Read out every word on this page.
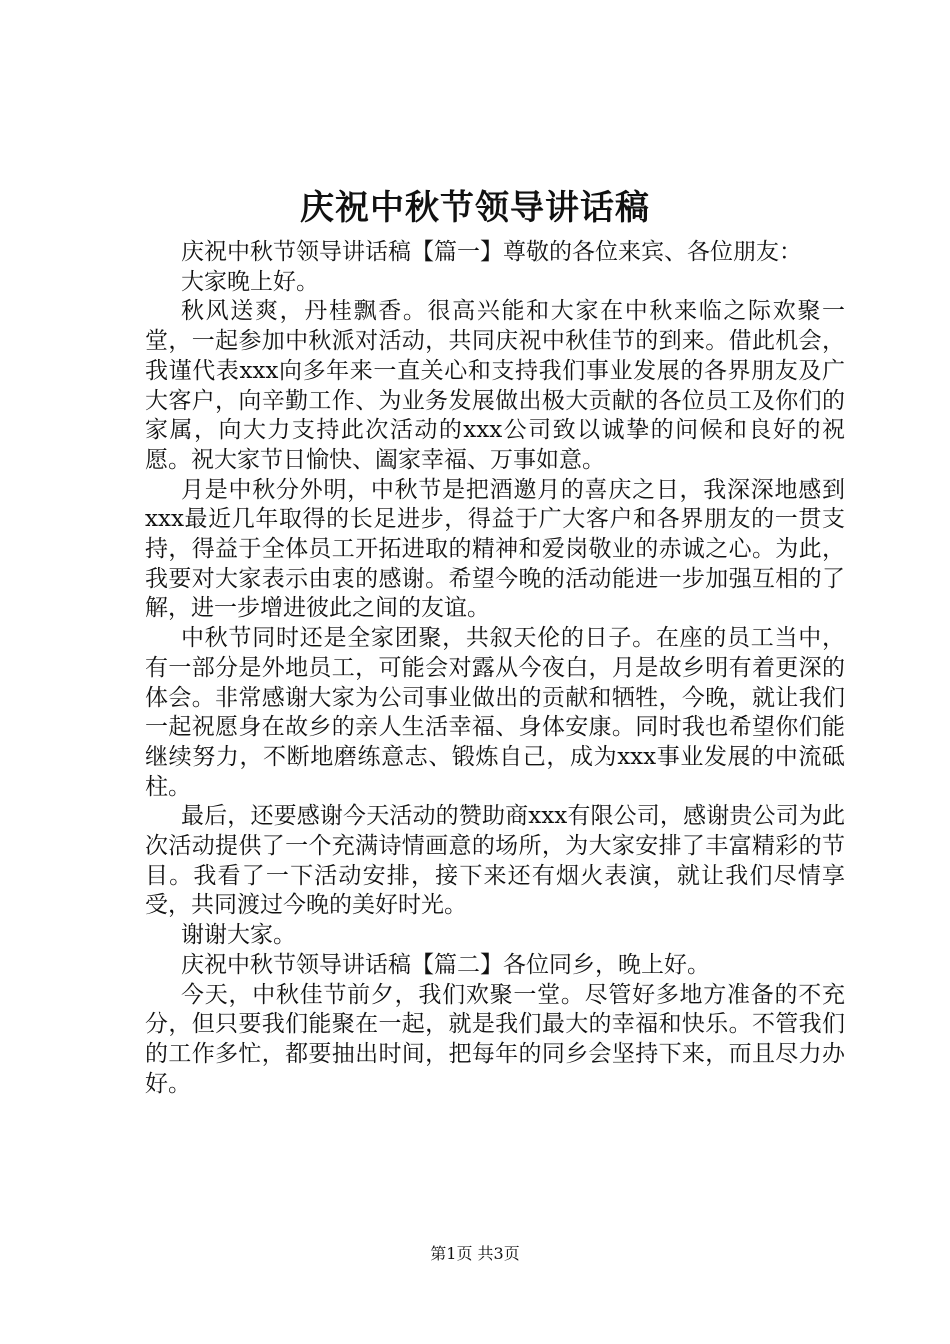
庆祝中秋节领导讲话稿

庆祝中秋节领导讲话稿【篇一】尊敬的各位来宾、各位朋友：

大家晚上好。

秋风送爽，丹桂飘香。很高兴能和大家在中秋来临之际欢聚一堂，一起参加中秋派对活动，共同庆祝中秋佳节的到来。借此机会，我谨代表xxx向多年来一直关心和支持我们事业发展的各界朋友及广大客户，向辛勤工作、为业务发展做出极大贡献的各位员工及你们的家属，向大力支持此次活动的xxx公司致以诚挚的问候和良好的祝愿。祝大家节日愉快、阖家幸福、万事如意。

月是中秋分外明，中秋节是把酒邀月的喜庆之日，我深深地感到xxx最近几年取得的长足进步，得益于广大客户和各界朋友的一贯支持，得益于全体员工开拓进取的精神和爱岗敬业的赤诚之心。为此，我要对大家表示由衷的感谢。希望今晚的活动能进一步加强互相的了解，进一步增进彼此之间的友谊。

中秋节同时还是全家团聚，共叙天伦的日子。在座的员工当中，有一部分是外地员工，可能会对露从今夜白，月是故乡明有着更深的体会。非常感谢大家为公司事业做出的贡献和牺牲，今晚，就让我们一起祝愿身在故乡的亲人生活幸福、身体安康。同时我也希望你们能继续努力，不断地磨练意志、锻炼自己，成为xxx事业发展的中流砥柱。

最后，还要感谢今天活动的赞助商xxx有限公司，感谢贵公司为此次活动提供了一个充满诗情画意的场所，为大家安排了丰富精彩的节目。我看了一下活动安排，接下来还有烟火表演，就让我们尽情享受，共同渡过今晚的美好时光。

谢谢大家。

庆祝中秋节领导讲话稿【篇二】各位同乡，晚上好。

今天，中秋佳节前夕，我们欢聚一堂。尽管好多地方准备的不充分，但只要我们能聚在一起，就是我们最大的幸福和快乐。不管我们的工作多忙，都要抽出时间，把每年的同乡会坚持下来，而且尽力办好。

第1页 共3页
